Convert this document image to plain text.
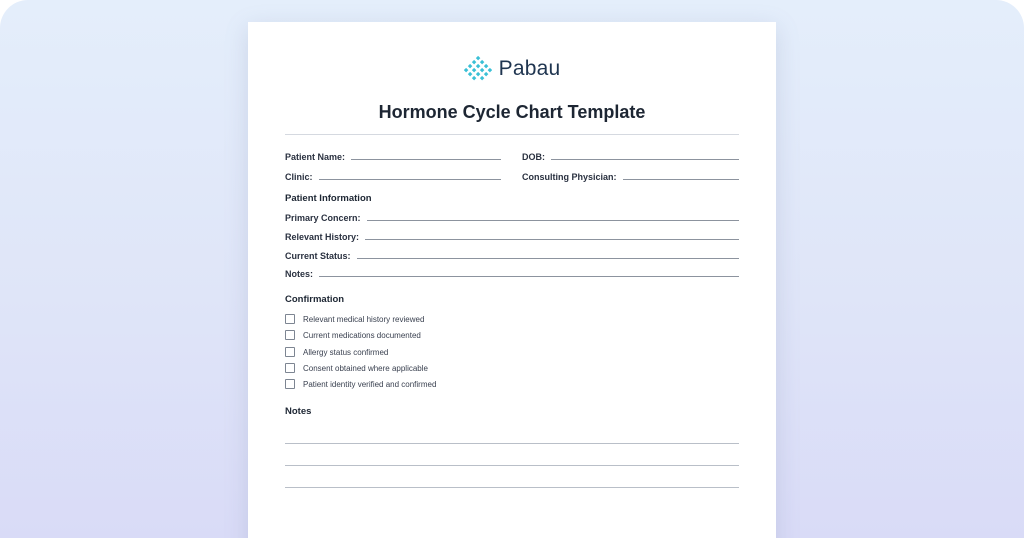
Pabau
Hormone Cycle Chart Template
Patient Name:	DOB:
Clinic:	Consulting Physician:
Patient Information
Primary Concern:
Relevant History:
Current Status:
Notes:
Confirmation
Relevant medical history reviewed
Current medications documented
Allergy status confirmed
Consent obtained where applicable
Patient identity verified and confirmed
Notes
